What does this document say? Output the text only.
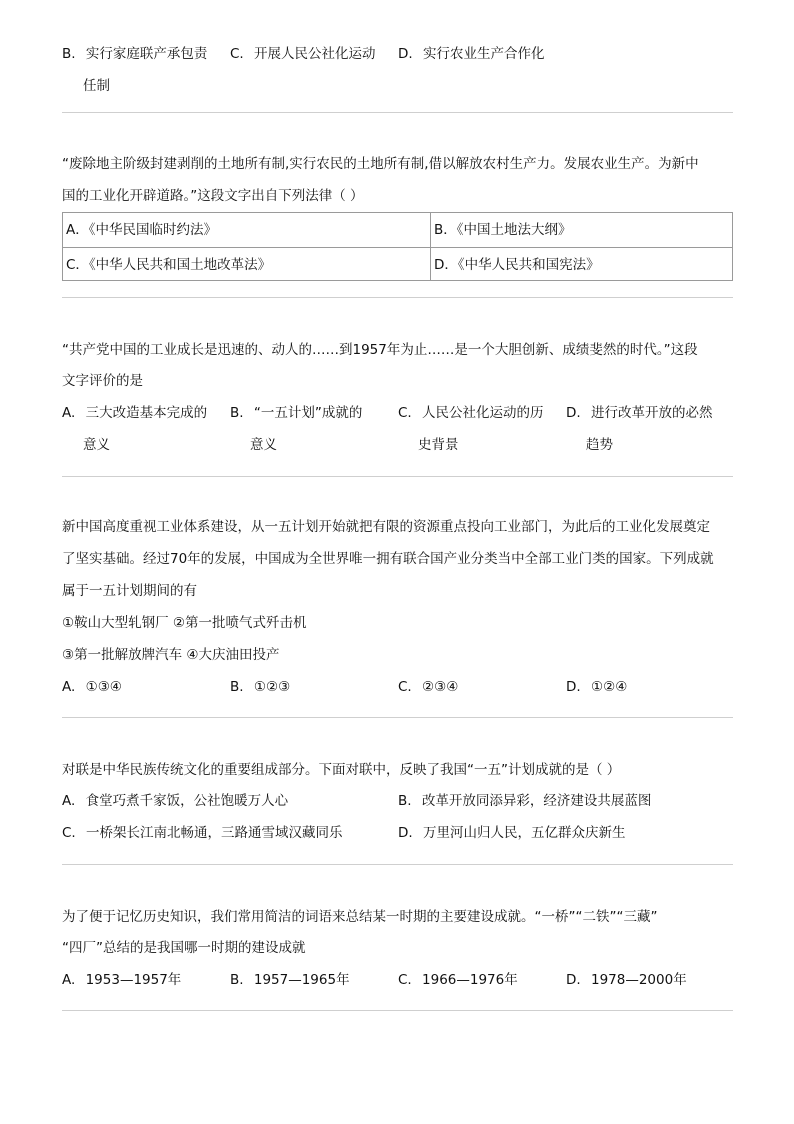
B. 实行家庭联产承包责
任制
C. 开展人民公社化运动 D. 实行农业生产合作化
“废除地主阶级封建剥削的土地所有制,实行农民的土地所有制,借以解放农村生产力。发展农业生产。为新中
国的工业化开辟道路。”这段文字出自下列法律（ ）
A．《中华民国临时约法》	B．《中国土地法大纲》
C．《中华人民共和国土地改革法》	D．《中华人民共和国宪法》
“共产党中国的工业成长是迅速的、动人的……到1957年为止……是一个大胆创新、成绩斐然的时代。”这段
文字评价的是
A. 三大改造基本完成的
意义
B. “一五计划”成就的
意义
C. 人民公社化运动的历
史背景
D. 进行改革开放的必然
趋势
新中国高度重视工业体系建设，从一五计划开始就把有限的资源重点投向工业部门，为此后的工业化发展奠定
了坚实基础。经过70年的发展，中国成为全世界唯一拥有联合国产业分类当中全部工业门类的国家。下列成就
属于一五计划期间的有
①鞍山大型轧钢厂 ②第一批喷气式歼击机
③第一批解放牌汽车 ④大庆油田投产
A. ①③④	B. ①②③	C. ②③④	D. ①②④
对联是中华民族传统文化的重要组成部分。下面对联中，反映了我国“一五”计划成就的是（ ）
A. 食堂巧煮千家饭，公社饱暖万人心	B. 改革开放同添异彩，经济建设共展蓝图
C. 一桥架长江南北畅通，三路通雪域汉藏同乐	D. 万里河山归人民，五亿群众庆新生
为了便于记忆历史知识，我们常用简洁的词语来总结某一时期的主要建设成就。“一桥”“二铁”“三藏”
“四厂”总结的是我国哪一时期的建设成就
A. 1953—1957年	B. 1957—1965年	C. 1966—1976年	D. 1978—2000年
